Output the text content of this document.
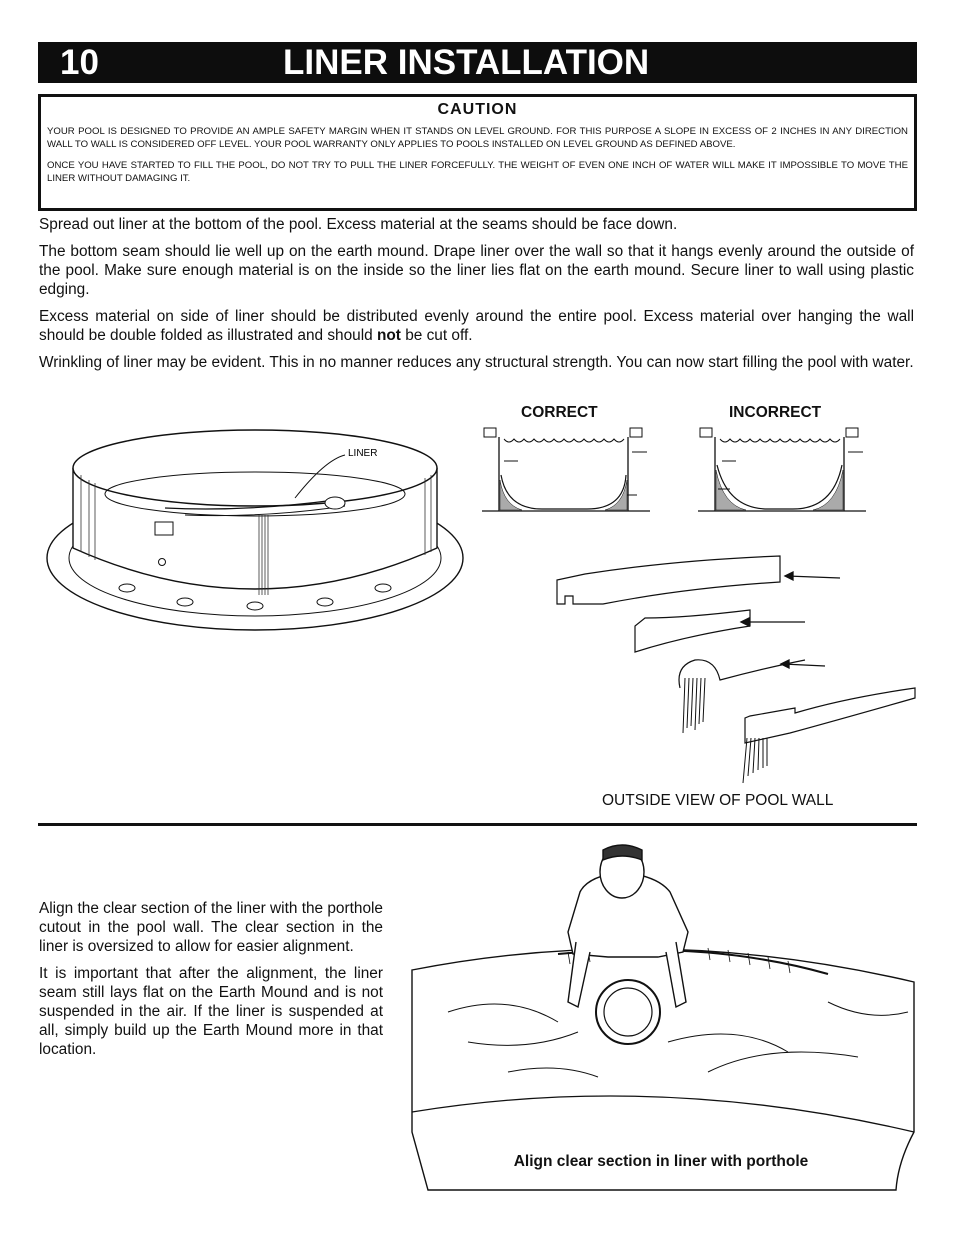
10	LINER INSTALLATION
CAUTION

YOUR POOL IS DESIGNED TO PROVIDE AN AMPLE SAFETY MARGIN WHEN IT STANDS ON LEVEL GROUND. FOR THIS PURPOSE A SLOPE IN EXCESS OF 2 INCHES IN ANY DIRECTION WALL TO WALL IS CONSIDERED OFF LEVEL. YOUR POOL WARRANTY ONLY APPLIES TO POOLS INSTALLED ON LEVEL GROUND AS DEFINED ABOVE.

ONCE YOU HAVE STARTED TO FILL THE POOL, DO NOT TRY TO PULL THE LINER FORCEFULLY. THE WEIGHT OF EVEN ONE INCH OF WATER WILL MAKE IT IMPOSSIBLE TO MOVE THE LINER WITHOUT DAMAGING IT.

Spread out liner at the bottom of the pool. Excess material at the seams should be face down.

The bottom seam should lie well up on the earth mound. Drape liner over the wall so that it hangs evenly around the outside of the pool. Make sure enough material is on the inside so the liner lies flat on the earth mound. Secure liner to wall using plastic edging.

Excess material on side of liner should be distributed evenly around the entire pool. Excess material over hanging the wall should be double folded as illustrated and should not be cut off.

Wrinkling of liner may be evident. This in no manner reduces any structural strength. You can now start filling the pool with water.

LINER
CORRECT	INCORRECT
OUTSIDE VIEW OF POOL WALL

Align the clear section of the liner with the porthole cutout in the pool wall. The clear section in the liner is oversized to allow for easier alignment.

It is important that after the alignment, the liner seam still lays flat on the Earth Mound and is not suspended in the air. If the liner is suspended at all, simply build up the Earth Mound more in that location.

Align clear section in liner with porthole
